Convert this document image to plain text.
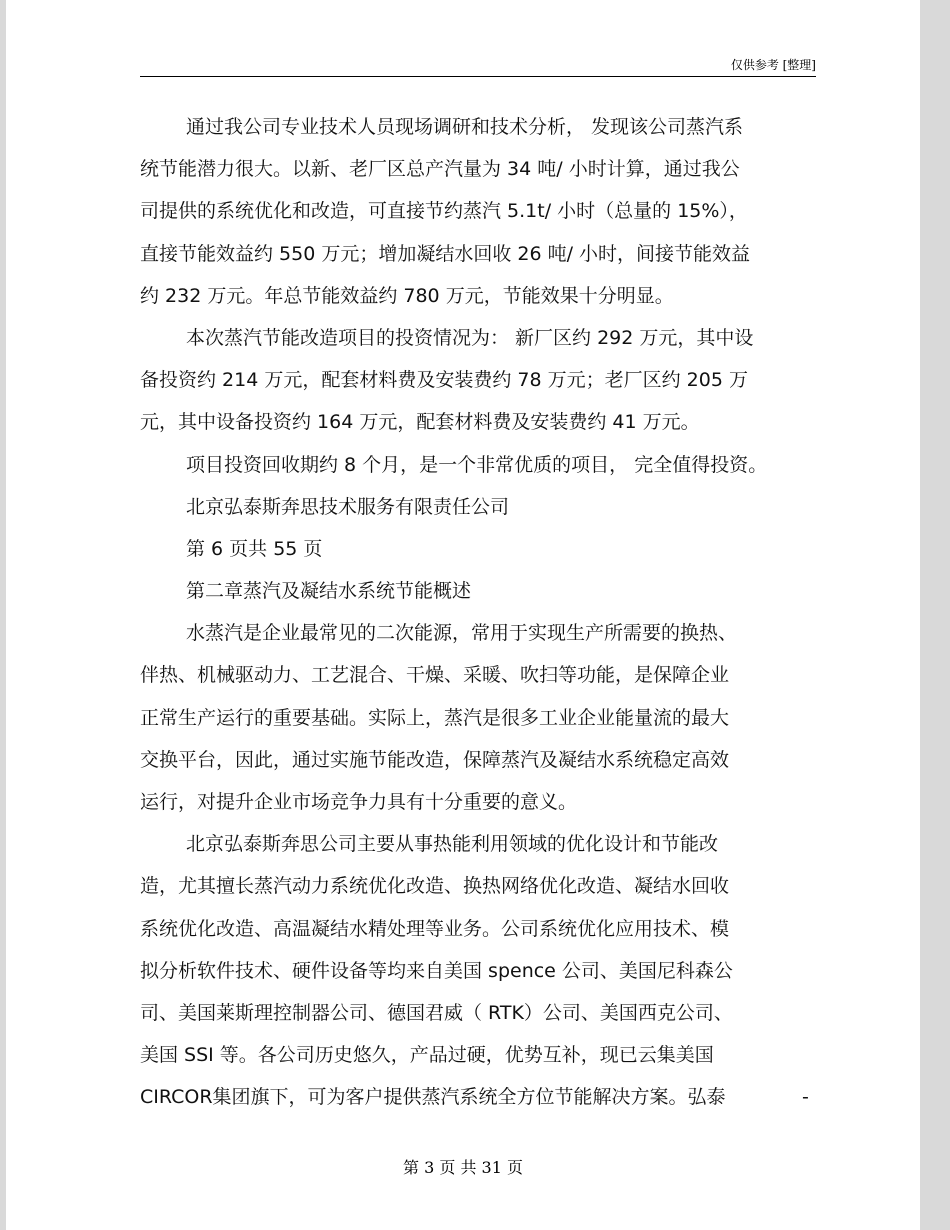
仅供参考 [整理]
通过我公司专业技术人员现场调研和技术分析， 发现该公司蒸汽系
统节能潜力很大。以新、老厂区总产汽量为 34 吨/ 小时计算，通过我公
司提供的系统优化和改造，可直接节约蒸汽 5.1t/ 小时（总量的 15%），
直接节能效益约 550 万元；增加凝结水回收 26 吨/ 小时，间接节能效益
约 232 万元。年总节能效益约 780 万元，节能效果十分明显。
本次蒸汽节能改造项目的投资情况为： 新厂区约 292 万元，其中设
备投资约 214 万元，配套材料费及安装费约 78 万元；老厂区约 205 万
元，其中设备投资约 164 万元，配套材料费及安装费约 41 万元。
项目投资回收期约 8 个月，是一个非常优质的项目， 完全值得投资。
北京弘泰斯奔思技术服务有限责任公司
第 6 页共 55 页
第二章蒸汽及凝结水系统节能概述
水蒸汽是企业最常见的二次能源，常用于实现生产所需要的换热、
伴热、机械驱动力、工艺混合、干燥、采暖、吹扫等功能，是保障企业
正常生产运行的重要基础。实际上，蒸汽是很多工业企业能量流的最大
交换平台，因此，通过实施节能改造，保障蒸汽及凝结水系统稳定高效
运行，对提升企业市场竞争力具有十分重要的意义。
北京弘泰斯奔思公司主要从事热能利用领域的优化设计和节能改
造，尤其擅长蒸汽动力系统优化改造、换热网络优化改造、凝结水回收
系统优化改造、高温凝结水精处理等业务。公司系统优化应用技术、模
拟分析软件技术、硬件设备等均来自美国 spence 公司、美国尼科森公
司、美国莱斯理控制器公司、德国君威（ RTK）公司、美国西克公司、
美国 SSI 等。各公司历史悠久，产品过硬，优势互补，现已云集美国
CIRCOR集团旗下，可为客户提供蒸汽系统全方位节能解决方案。弘泰	-
第 3 页 共 31 页
